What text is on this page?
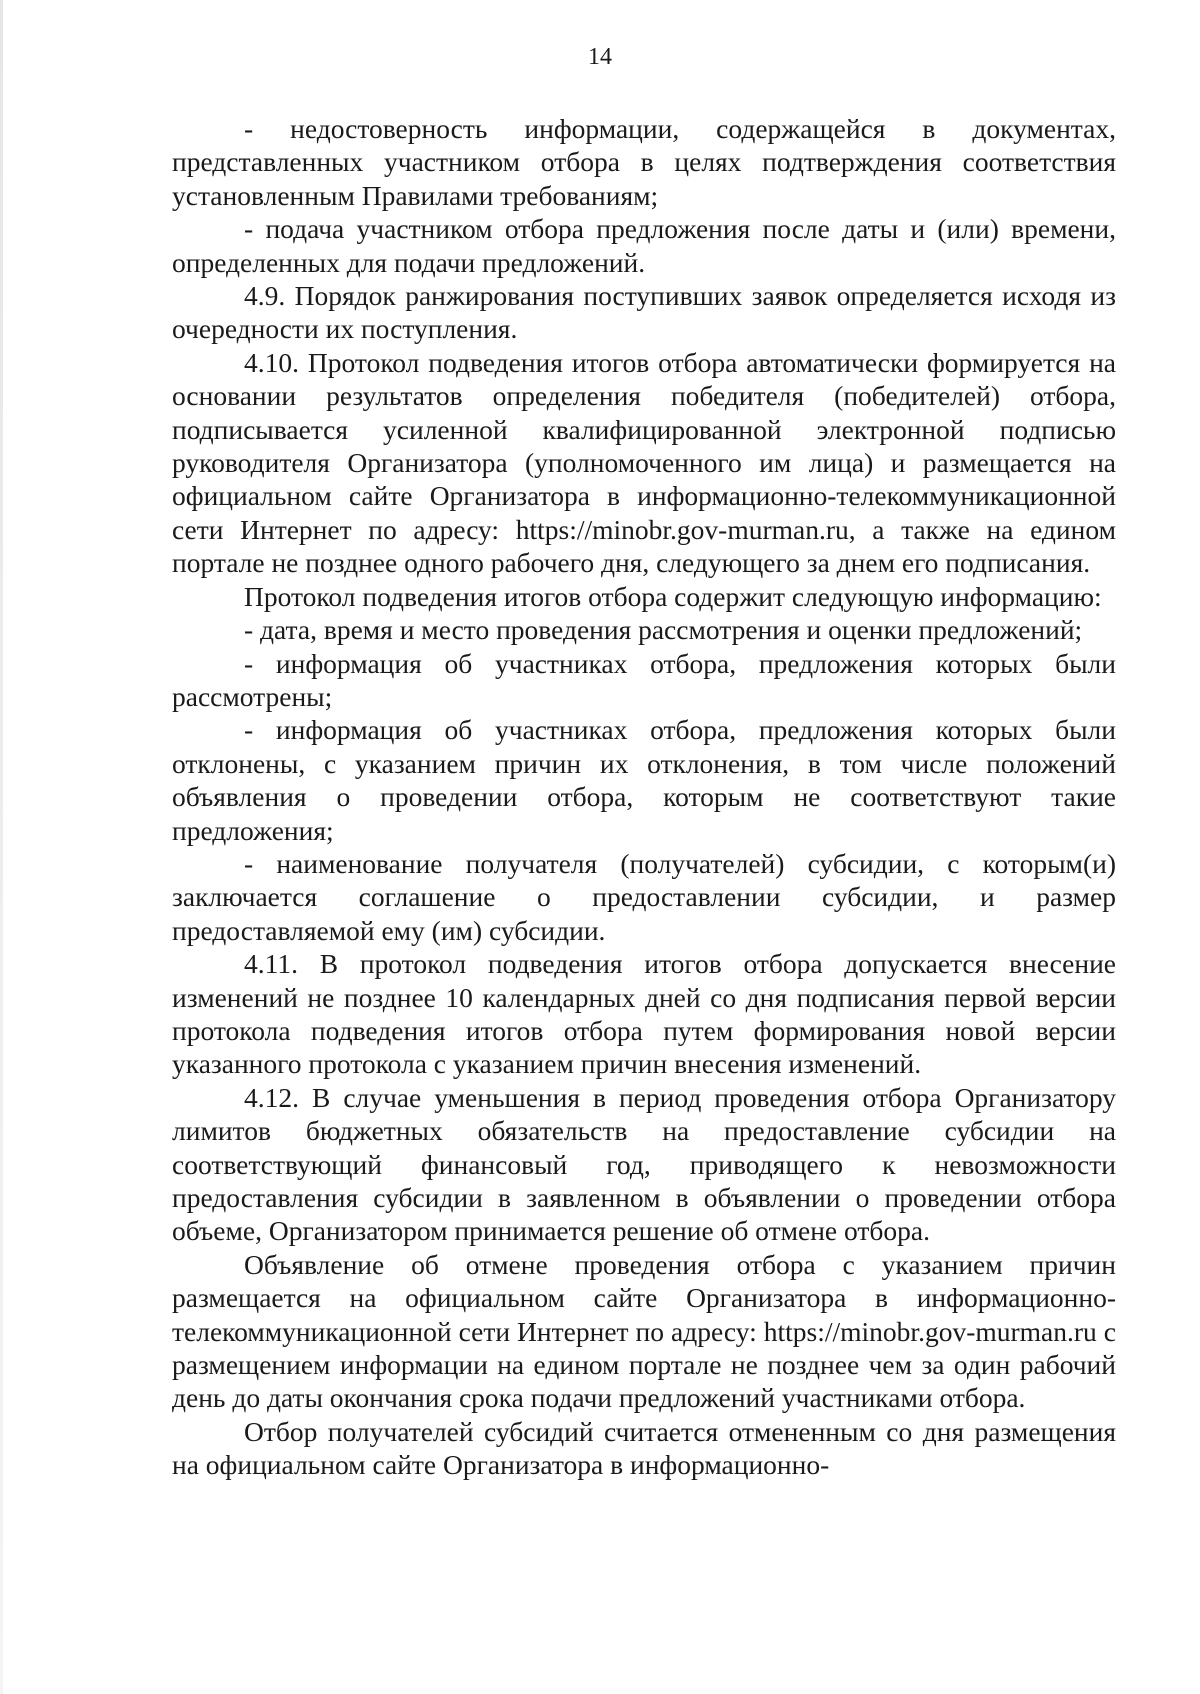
14

- недостоверность информации, содержащейся в документах, представленных участником отбора в целях подтверждения соответствия установленным Правилами требованиям;

- подача участником отбора предложения после даты и (или) времени, определенных для подачи предложений.

4.9. Порядок ранжирования поступивших заявок определяется исходя из очередности их поступления.

4.10. Протокол подведения итогов отбора автоматически формируется на основании результатов определения победителя (победителей) отбора, подписывается усиленной квалифицированной электронной подписью руководителя Организатора (уполномоченного им лица) и размещается на официальном сайте Организатора в информационно-телекоммуникационной сети Интернет по адресу: https://minobr.gov-murman.ru, а также на едином портале не позднее одного рабочего дня, следующего за днем его подписания.

Протокол подведения итогов отбора содержит следующую информацию:

- дата, время и место проведения рассмотрения и оценки предложений;

- информация об участниках отбора, предложения которых были рассмотрены;

- информация об участниках отбора, предложения которых были отклонены, с указанием причин их отклонения, в том числе положений объявления о проведении отбора, которым не соответствуют такие предложения;

- наименование получателя (получателей) субсидии, с которым(и) заключается соглашение о предоставлении субсидии, и размер предоставляемой ему (им) субсидии.

4.11. В протокол подведения итогов отбора допускается внесение изменений не позднее 10 календарных дней со дня подписания первой версии протокола подведения итогов отбора путем формирования новой версии указанного протокола с указанием причин внесения изменений.

4.12. В случае уменьшения в период проведения отбора Организатору лимитов бюджетных обязательств на предоставление субсидии на соответствующий финансовый год, приводящего к невозможности предоставления субсидии в заявленном в объявлении о проведении отбора объеме, Организатором принимается решение об отмене отбора.

Объявление об отмене проведения отбора с указанием причин размещается на официальном сайте Организатора в информационно-телекоммуникационной сети Интернет по адресу: https://minobr.gov-murman.ru с размещением информации на едином портале не позднее чем за один рабочий день до даты окончания срока подачи предложений участниками отбора.

Отбор получателей субсидий считается отмененным со дня размещения на официальном сайте Организатора в информационно-
